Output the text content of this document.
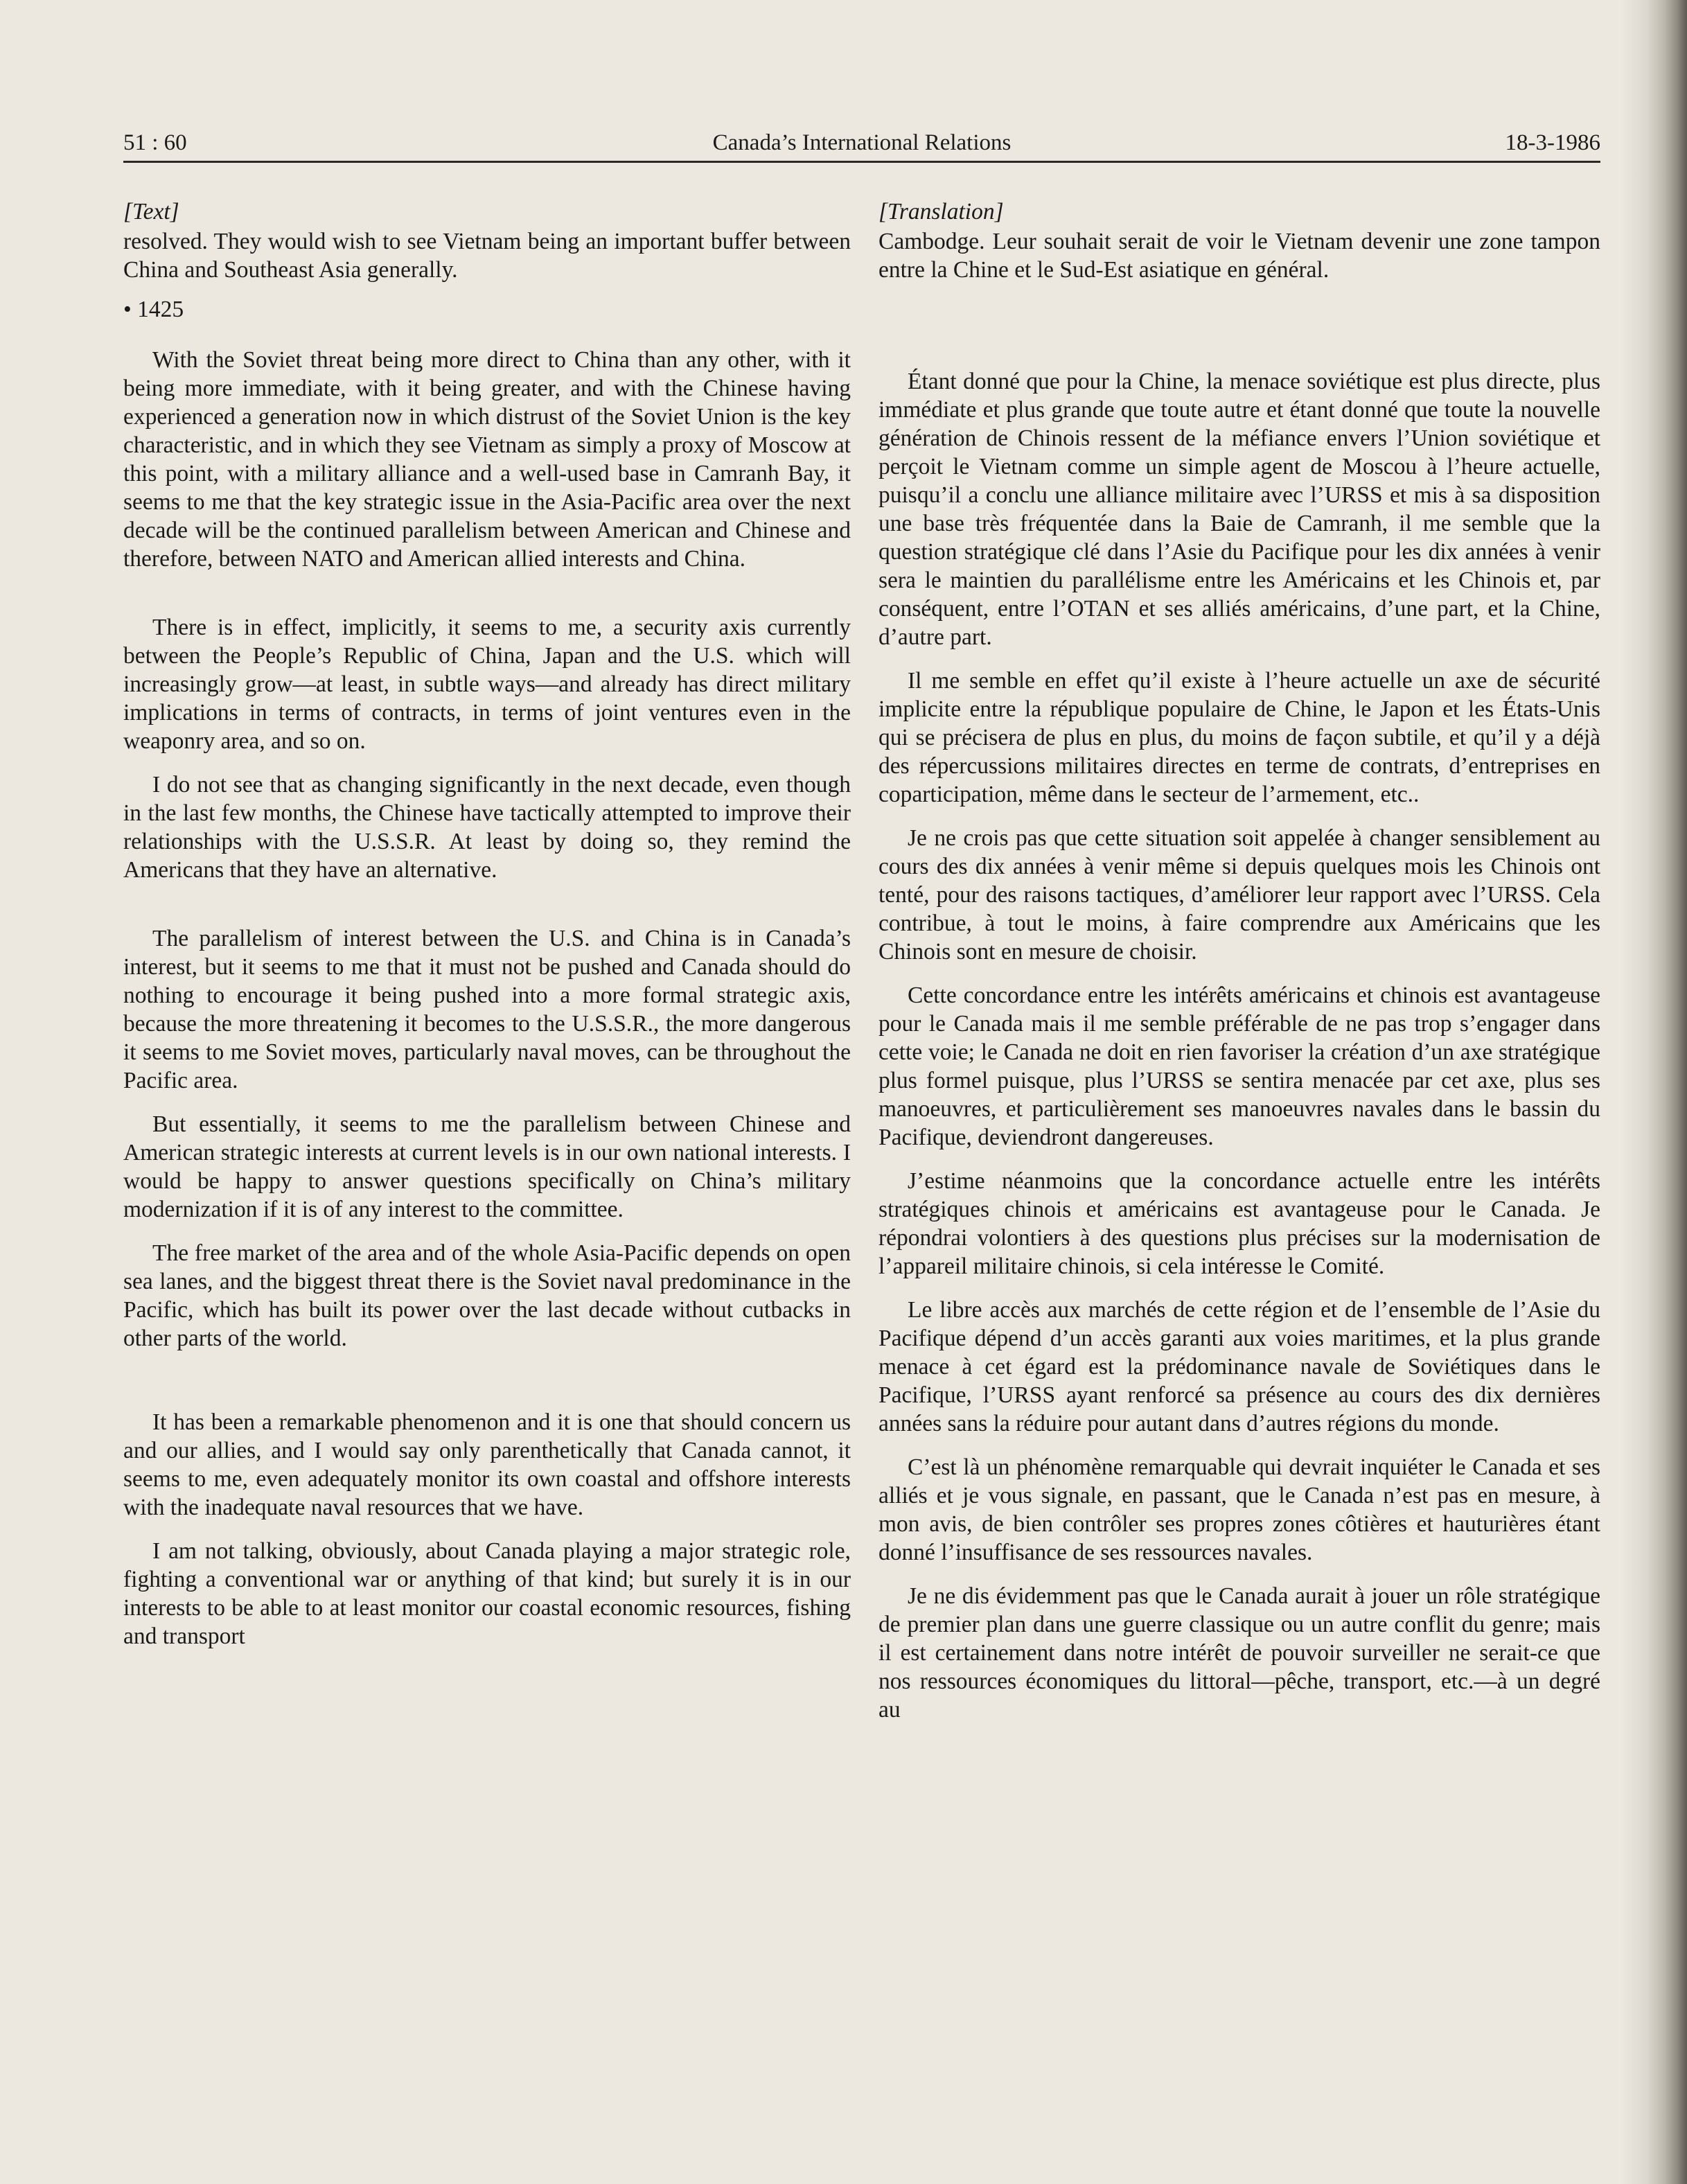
51 : 60	Canada’s International Relations	18-3-1986
[Text]

resolved. They would wish to see Vietnam being an important buffer between China and Southeast Asia generally.

• 1425

With the Soviet threat being more direct to China than any other, with it being more immediate, with it being greater, and with the Chinese having experienced a generation now in which distrust of the Soviet Union is the key characteristic, and in which they see Vietnam as simply a proxy of Moscow at this point, with a military alliance and a well-used base in Camranh Bay, it seems to me that the key strategic issue in the Asia-Pacific area over the next decade will be the continued parallelism between American and Chinese and therefore, between NATO and American allied interests and China.

There is in effect, implicitly, it seems to me, a security axis currently between the People’s Republic of China, Japan and the U.S. which will increasingly grow—at least, in subtle ways—and already has direct military implications in terms of contracts, in terms of joint ventures even in the weaponry area, and so on.

I do not see that as changing significantly in the next decade, even though in the last few months, the Chinese have tactically attempted to improve their relationships with the U.S.S.R. At least by doing so, they remind the Americans that they have an alternative.

The parallelism of interest between the U.S. and China is in Canada’s interest, but it seems to me that it must not be pushed and Canada should do nothing to encourage it being pushed into a more formal strategic axis, because the more threatening it becomes to the U.S.S.R., the more dangerous it seems to me Soviet moves, particularly naval moves, can be throughout the Pacific area.

But essentially, it seems to me the parallelism between Chinese and American strategic interests at current levels is in our own national interests. I would be happy to answer questions specifically on China’s military modernization if it is of any interest to the committee.

The free market of the area and of the whole Asia-Pacific depends on open sea lanes, and the biggest threat there is the Soviet naval predominance in the Pacific, which has built its power over the last decade without cutbacks in other parts of the world.

It has been a remarkable phenomenon and it is one that should concern us and our allies, and I would say only parenthetically that Canada cannot, it seems to me, even adequately monitor its own coastal and offshore interests with the inadequate naval resources that we have.

I am not talking, obviously, about Canada playing a major strategic role, fighting a conventional war or anything of that kind; but surely it is in our interests to be able to at least monitor our coastal economic resources, fishing and transport

[Translation]

Cambodge. Leur souhait serait de voir le Vietnam devenir une zone tampon entre la Chine et le Sud-Est asiatique en général.

Étant donné que pour la Chine, la menace soviétique est plus directe, plus immédiate et plus grande que toute autre et étant donné que toute la nouvelle génération de Chinois ressent de la méfiance envers l’Union soviétique et perçoit le Vietnam comme un simple agent de Moscou à l’heure actuelle, puisqu’il a conclu une alliance militaire avec l’URSS et mis à sa disposition une base très fréquentée dans la Baie de Camranh, il me semble que la question stratégique clé dans l’Asie du Pacifique pour les dix années à venir sera le maintien du parallélisme entre les Américains et les Chinois et, par conséquent, entre l’OTAN et ses alliés américains, d’une part, et la Chine, d’autre part.

Il me semble en effet qu’il existe à l’heure actuelle un axe de sécurité implicite entre la république populaire de Chine, le Japon et les États-Unis qui se précisera de plus en plus, du moins de façon subtile, et qu’il y a déjà des répercussions militaires directes en terme de contrats, d’entreprises en coparticipation, même dans le secteur de l’armement, etc..

Je ne crois pas que cette situation soit appelée à changer sensiblement au cours des dix années à venir même si depuis quelques mois les Chinois ont tenté, pour des raisons tactiques, d’améliorer leur rapport avec l’URSS. Cela contribue, à tout le moins, à faire comprendre aux Américains que les Chinois sont en mesure de choisir.

Cette concordance entre les intérêts américains et chinois est avantageuse pour le Canada mais il me semble préférable de ne pas trop s’engager dans cette voie; le Canada ne doit en rien favoriser la création d’un axe stratégique plus formel puisque, plus l’URSS se sentira menacée par cet axe, plus ses manoeuvres, et particulièrement ses manoeuvres navales dans le bassin du Pacifique, deviendront dangereuses.

J’estime néanmoins que la concordance actuelle entre les intérêts stratégiques chinois et américains est avantageuse pour le Canada. Je répondrai volontiers à des questions plus précises sur la modernisation de l’appareil militaire chinois, si cela intéresse le Comité.

Le libre accès aux marchés de cette région et de l’ensemble de l’Asie du Pacifique dépend d’un accès garanti aux voies maritimes, et la plus grande menace à cet égard est la prédominance navale de Soviétiques dans le Pacifique, l’URSS ayant renforcé sa présence au cours des dix dernières années sans la réduire pour autant dans d’autres régions du monde.

C’est là un phénomène remarquable qui devrait inquiéter le Canada et ses alliés et je vous signale, en passant, que le Canada n’est pas en mesure, à mon avis, de bien contrôler ses propres zones côtières et hauturières étant donné l’insuffisance de ses ressources navales.

Je ne dis évidemment pas que le Canada aurait à jouer un rôle stratégique de premier plan dans une guerre classique ou un autre conflit du genre; mais il est certainement dans notre intérêt de pouvoir surveiller ne serait-ce que nos ressources économiques du littoral—pêche, transport, etc.—à un degré au
